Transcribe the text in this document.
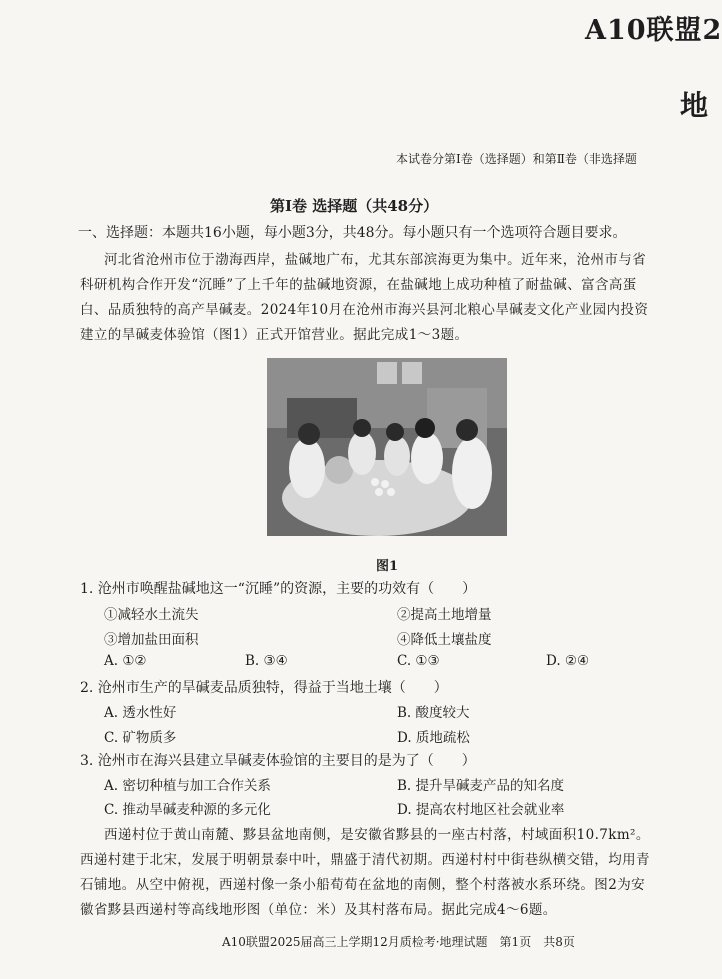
A10联盟2
地
本试卷分第Ⅰ卷（选择题）和第Ⅱ卷（非选择题
第Ⅰ卷 选择题（共48分）
一、选择题：本题共16小题，每小题3分，共48分。每小题只有一个选项符合题目要求。
河北省沧州市位于渤海西岸，盐碱地广布，尤其东部滨海更为集中。近年来，沧州市与省
科研机构合作开发“沉睡”了上千年的盐碱地资源，在盐碱地上成功种植了耐盐碱、富含高蛋
白、品质独特的高产旱碱麦。2024年10月在沧州市海兴县河北粮心旱碱麦文化产业园内投资
建立的旱碱麦体验馆（图1）正式开馆营业。据此完成1～3题。
图1
1. 沧州市唤醒盐碱地这一“沉睡”的资源，主要的功效有（　　）
①减轻水土流失	②提高土地增量
③增加盐田面积	④降低土壤盐度
A. ①②	B. ③④	C. ①③	D. ②④
2. 沧州市生产的旱碱麦品质独特，得益于当地土壤（　　）
A. 透水性好	B. 酸度较大
C. 矿物质多	D. 质地疏松
3. 沧州市在海兴县建立旱碱麦体验馆的主要目的是为了（　　）
A. 密切种植与加工合作关系	B. 提升旱碱麦产品的知名度
C. 推动旱碱麦种源的多元化	D. 提高农村地区社会就业率
西递村位于黄山南麓、黟县盆地南侧，是安徽省黟县的一座古村落，村域面积10.7km²。
西递村建于北宋，发展于明朝景泰中叶，鼎盛于清代初期。西递村村中街巷纵横交错，均用青
石铺地。从空中俯视，西递村像一条小船荀荀在盆地的南侧，整个村落被水系环绕。图2为安
徽省黟县西递村等高线地形图（单位：米）及其村落布局。据此完成4～6题。
A10联盟2025届高三上学期12月质检考·地理试题　第1页　共8页
